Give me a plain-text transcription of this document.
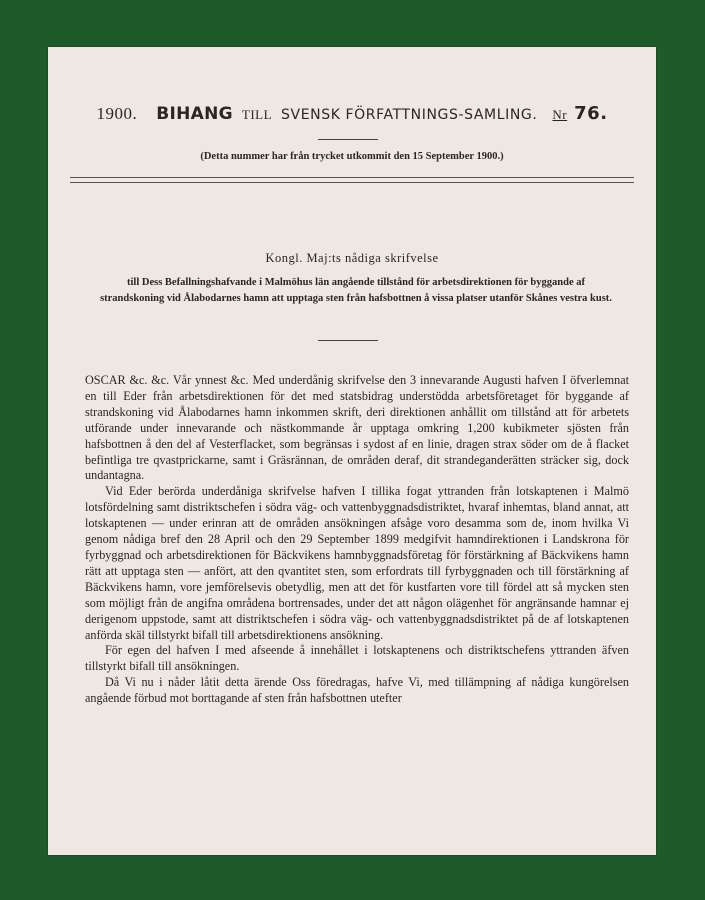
1900. BIHANG TILL SVENSK FÖRFATTNINGS-SAMLING. Nr 76.
(Detta nummer har från trycket utkommit den 15 September 1900.)
Kongl. Maj:ts nådiga skrifvelse
till Dess Befallningshafvande i Malmöhus län angående tillstånd för arbetsdirektionen för byggande af strandskoning vid Ålabodarnes hamn att upptaga sten från hafsbottnen å vissa platser utanför Skånes vestra kust.

OSCAR &c. &c. Vår ynnest &c. Med underdånig skrifvelse den 3 innevarande Augusti hafven I öfverlemnat en till Eder från arbetsdirektionen för det med statsbidrag understödda arbetsföretaget för byggande af strandskoning vid Ålabodarnes hamn inkommen skrift, deri direktionen anhållit om tillstånd att för arbetets utförande under innevarande och nästkommande år upptaga omkring 1,200 kubikmeter sjösten från hafsbottnen å den del af Vesterflacket, som begränsas i sydost af en linie, dragen strax söder om de å flacket befintliga tre qvastprickarne, samt i Gräsrännan, de områden deraf, dit strandeganderätten sträcker sig, dock undantagna.

Vid Eder berörda underdåniga skrifvelse hafven I tillika fogat yttranden från lotskaptenen i Malmö lotsfördelning samt distriktschefen i södra väg- och vattenbyggnadsdistriktet, hvaraf inhemtas, bland annat, att lotskaptenen — under erinran att de områden ansökningen afsåge voro desamma som de, inom hvilka Vi genom nådiga bref den 28 April och den 29 September 1899 medgifvit hamndirektionen i Landskrona för fyrbyggnad och arbetsdirektionen för Bäckvikens hamnbyggnadsföretag för förstärkning af Bäckvikens hamn rätt att upptaga sten — anfört, att den qvantitet sten, som erfordrats till fyrbyggnaden och till förstärkning af Bäckvikens hamn, vore jemförelsevis obetydlig, men att det för kustfarten vore till fördel att så mycken sten som möjligt från de angifna områdena bortrensades, under det att någon olägenhet för angränsande hamnar ej derigenom uppstode, samt att distriktschefen i södra väg- och vattenbyggnadsdistriktet på de af lotskaptenen anförda skäl tillstyrkt bifall till arbetsdirektionens ansökning.

För egen del hafven I med afseende å innehållet i lotskaptenens och distriktschefens yttranden äfven tillstyrkt bifall till ansökningen.

Då Vi nu i nåder låtit detta ärende Oss föredragas, hafve Vi, med tillämpning af nådiga kungörelsen angående förbud mot borttagande af sten från hafsbottnen utefter
